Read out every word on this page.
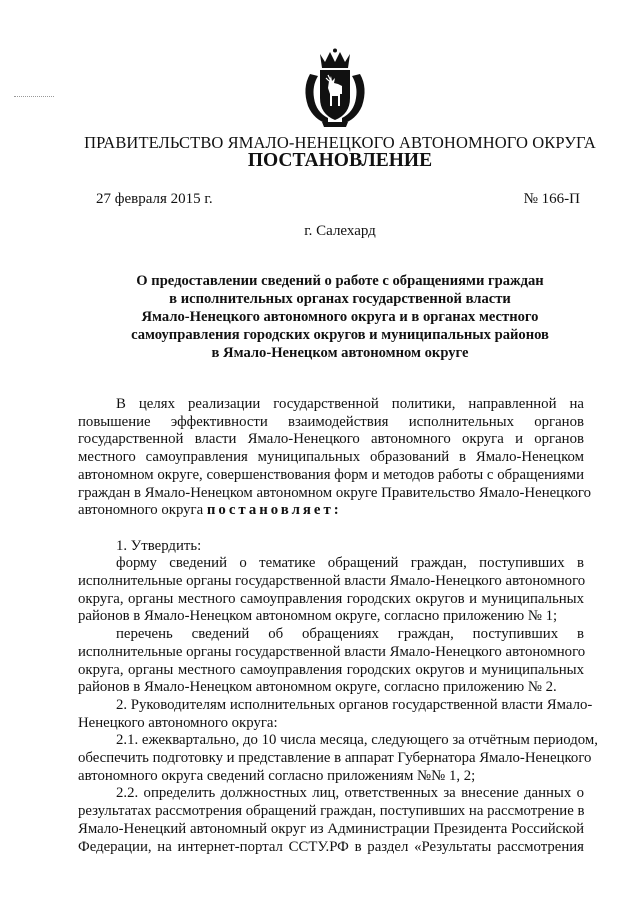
ПРАВИТЕЛЬСТВО ЯМАЛО-НЕНЕЦКОГО АВТОНОМНОГО ОКРУГА
ПОСТАНОВЛЕНИЕ
27 февраля 2015 г.	№ 166-П
г. Салехард
О предоставлении сведений о работе с обращениями граждан
в исполнительных органах государственной власти
Ямало-Ненецкого автономного округа и в органах местного
самоуправления городских округов и муниципальных районов
в Ямало-Ненецком автономном округе
В целях реализации государственной политики, направленной на
повышение эффективности взаимодействия исполнительных органов
государственной власти Ямало-Ненецкого автономного округа и органов
местного самоуправления муниципальных образований в Ямало-Ненецком
автономном округе, совершенствования форм и методов работы с обращениями
граждан в Ямало-Ненецком автономном округе Правительство Ямало-Ненецкого
автономного округа постановляет:
1. Утвердить:
форму сведений о тематике обращений граждан, поступивших в
исполнительные органы государственной власти Ямало-Ненецкого автономного
округа, органы местного самоуправления городских округов и муниципальных
районов в Ямало-Ненецком автономном округе, согласно приложению № 1;
перечень сведений об обращениях граждан, поступивших в
исполнительные органы государственной власти Ямало-Ненецкого автономного
округа, органы местного самоуправления городских округов и муниципальных
районов в Ямало-Ненецком автономном округе, согласно приложению № 2.
2. Руководителям исполнительных органов государственной власти Ямало-
Ненецкого автономного округа:
2.1. ежеквартально, до 10 числа месяца, следующего за отчётным периодом,
обеспечить подготовку и представление в аппарат Губернатора Ямало-Ненецкого
автономного округа сведений согласно приложениям №№ 1, 2;
2.2. определить должностных лиц, ответственных за внесение данных о
результатах рассмотрения обращений граждан, поступивших на рассмотрение в
Ямало-Ненецкий автономный округ из Администрации Президента Российской
Федерации, на интернет-портал ССТУ.РФ в раздел «Результаты рассмотрения
